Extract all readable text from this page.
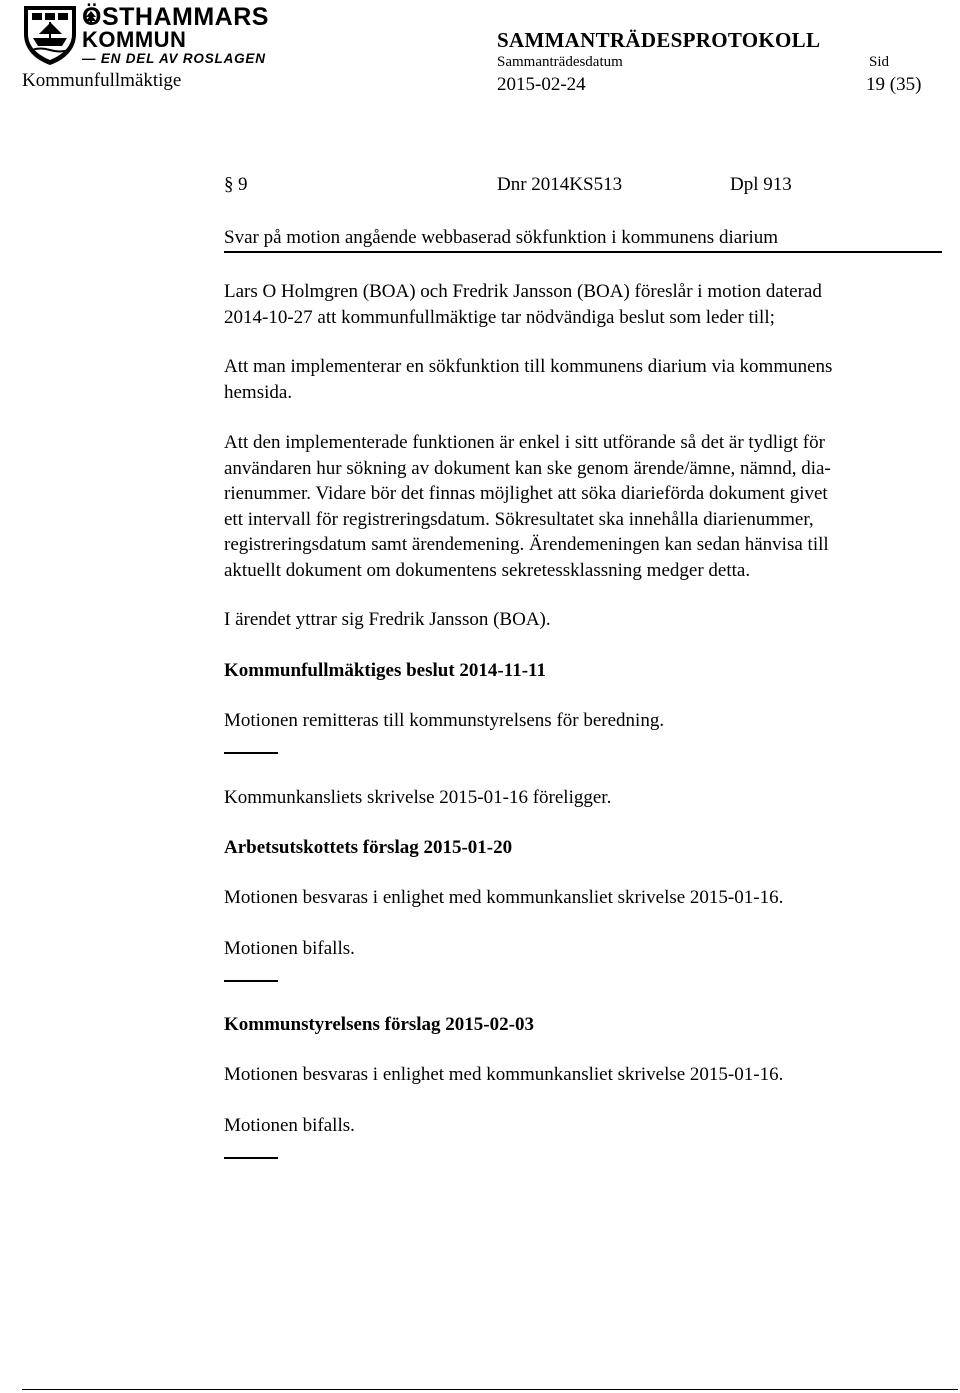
ÖSTHAMMARS
KOMMUN
— EN DEL AV ROSLAGEN
Kommunfullmäktige
SAMMANTRÄDESPROTOKOLL
Sammanträdesdatum	Sid
2015-02-24	19 (35)
§ 9	Dnr 2014KS513	Dpl 913
Svar på motion angående webbaserad sökfunktion i kommunens diarium
Lars O Holmgren (BOA) och Fredrik Jansson (BOA) föreslår i motion daterad
2014-10-27 att kommunfullmäktige tar nödvändiga beslut som leder till;
Att man implementerar en sökfunktion till kommunens diarium via kommunens
hemsida.
Att den implementerade funktionen är enkel i sitt utförande så det är tydligt för
användaren hur sökning av dokument kan ske genom ärende/ämne, nämnd, dia-
rienummer. Vidare bör det finnas möjlighet att söka diarieförda dokument givet
ett intervall för registreringsdatum. Sökresultatet ska innehålla diarienummer,
registreringsdatum samt ärendemening. Ärendemeningen kan sedan hänvisa till
aktuellt dokument om dokumentens sekretessklassning medger detta.
I ärendet yttrar sig Fredrik Jansson (BOA).
Kommunfullmäktiges beslut 2014-11-11
Motionen remitteras till kommunstyrelsens för beredning.
Kommunkansliets skrivelse 2015-01-16 föreligger.
Arbetsutskottets förslag 2015-01-20
Motionen besvaras i enlighet med kommunkansliet skrivelse 2015-01-16.
Motionen bifalls.
Kommunstyrelsens förslag 2015-02-03
Motionen besvaras i enlighet med kommunkansliet skrivelse 2015-01-16.
Motionen bifalls.
